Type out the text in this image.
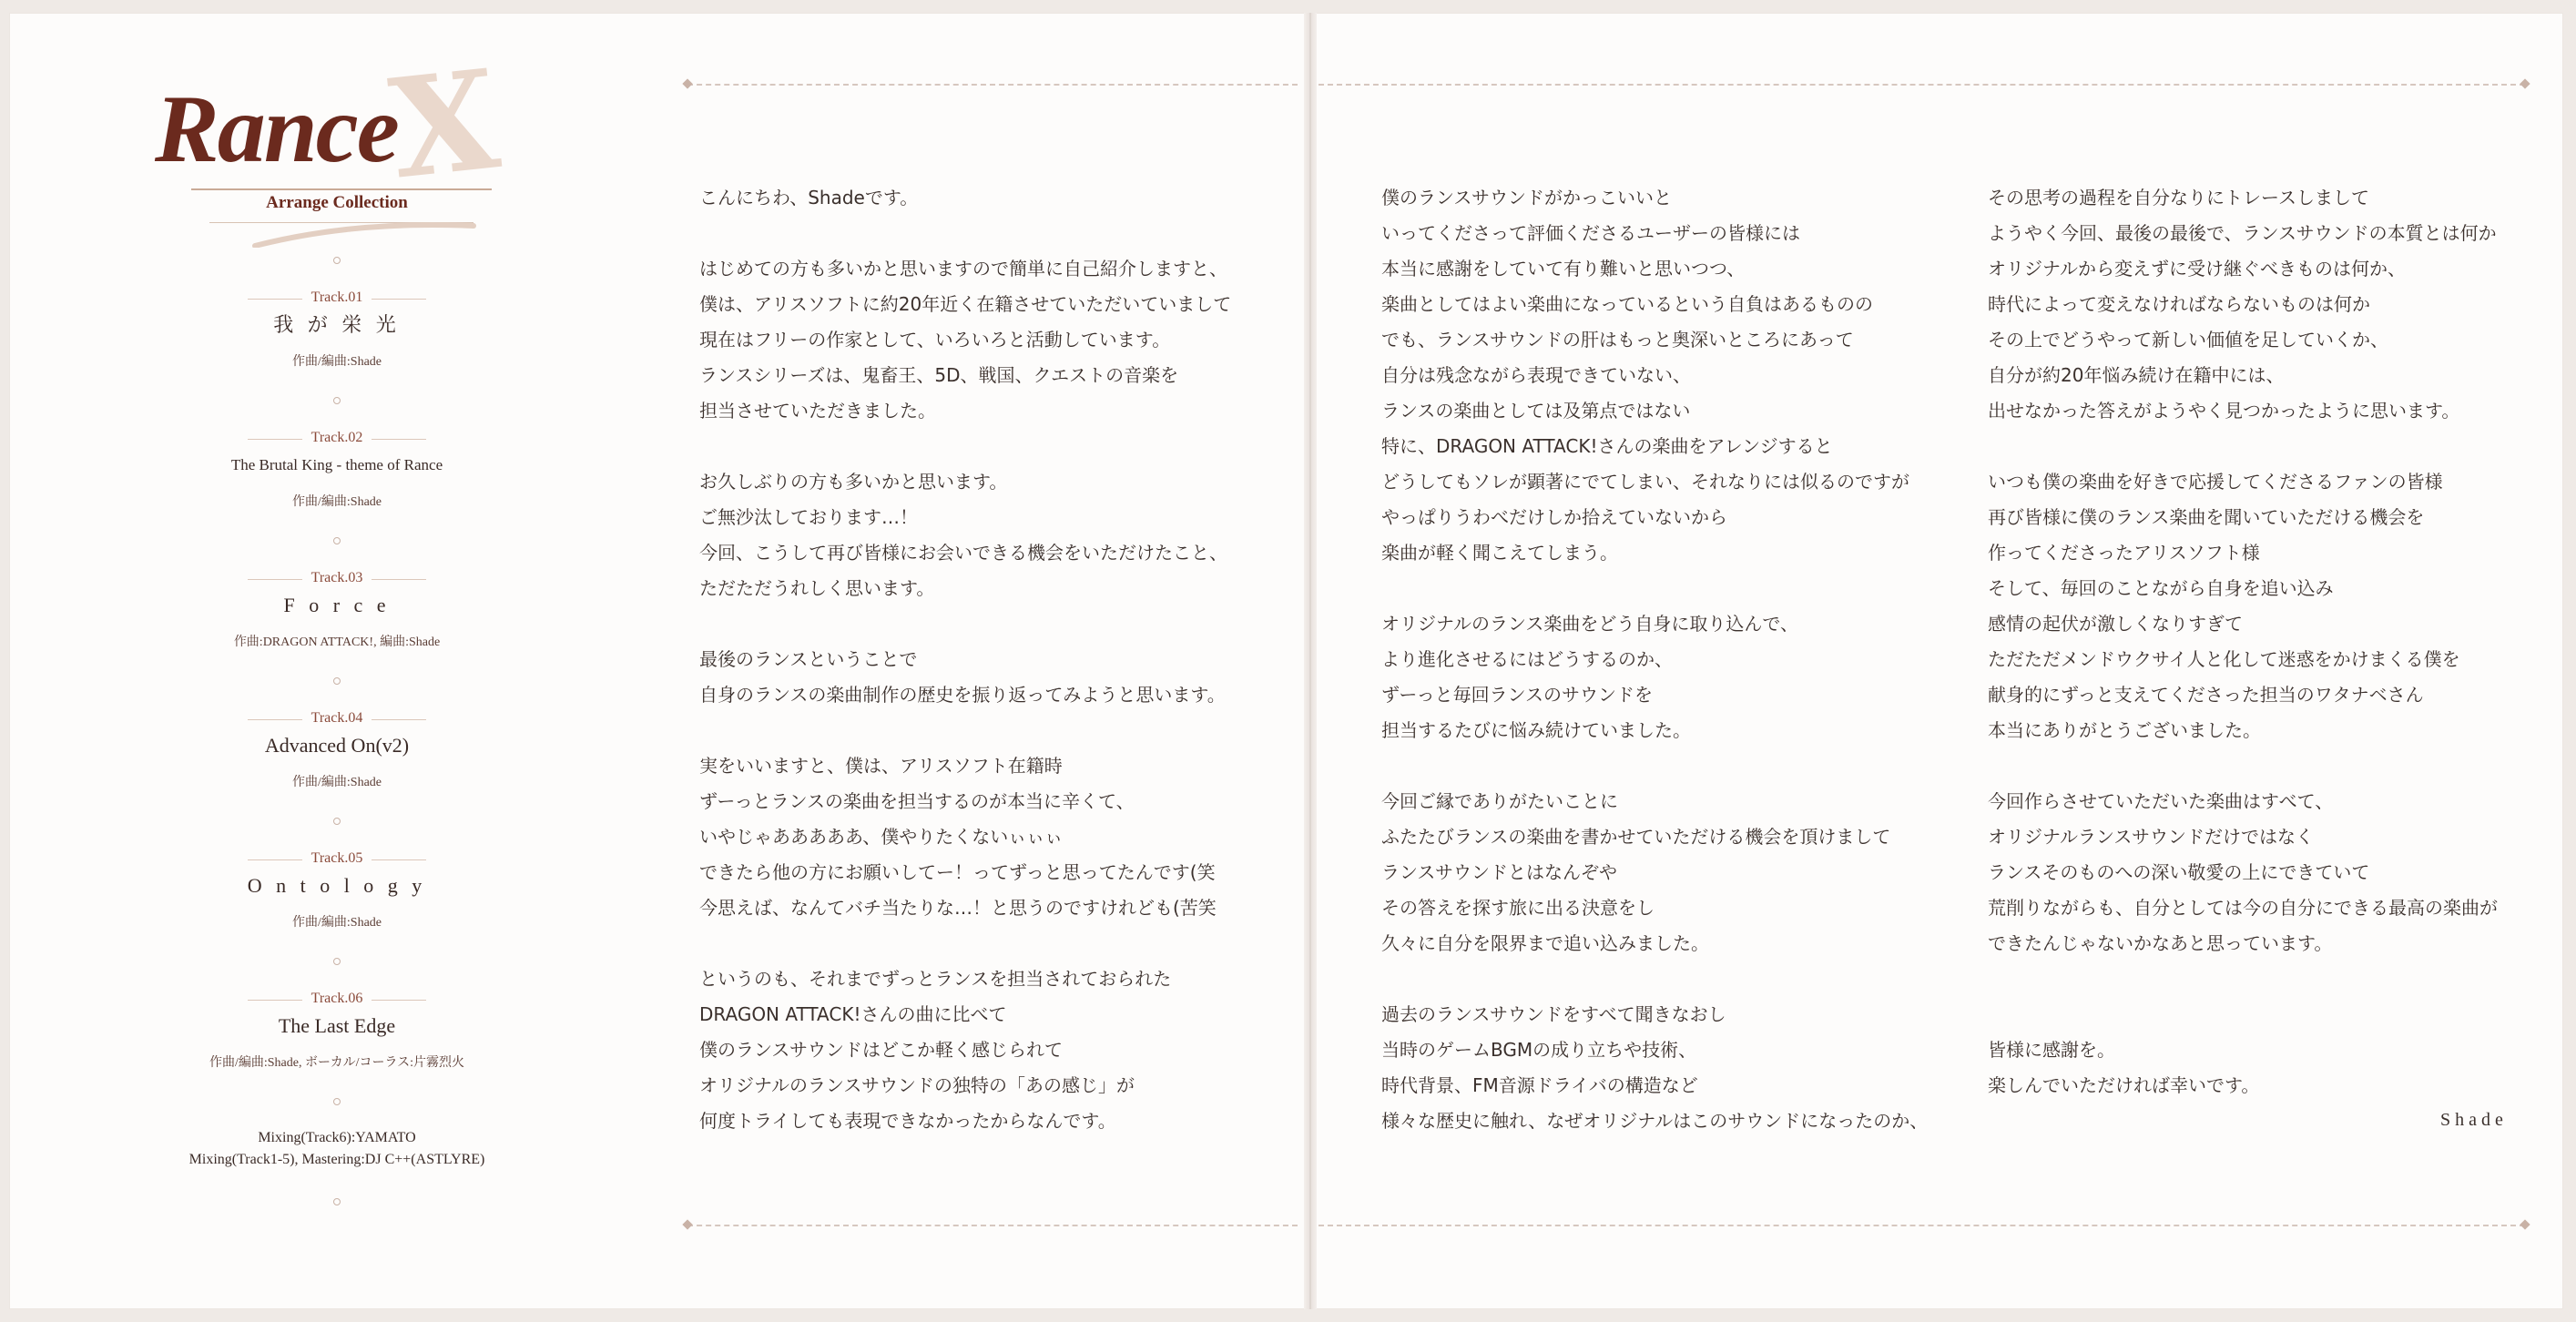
X
Rance
Arrange Collection
Track.01
我 が 栄 光
作曲/編曲:Shade
Track.02
The Brutal King - theme of Rance
作曲/編曲:Shade
Track.03
F o r c e
作曲:DRAGON ATTACK!, 編曲:Shade
Track.04
Advanced On(v2)
作曲/編曲:Shade
Track.05
O n t o l o g y
作曲/編曲:Shade
Track.06
The Last Edge
作曲/編曲:Shade, ボーカル/コーラス:片霧烈火
Mixing(Track6):YAMATO
Mixing(Track1-5), Mastering:DJ C++(ASTLYRE)

こんにちわ、Shadeです。

はじめての方も多いかと思いますので簡単に自己紹介しますと、

僕は、アリスソフトに約20年近く在籍させていただいていまして

現在はフリーの作家として、いろいろと活動しています。

ランスシリーズは、鬼畜王、5D、戦国、クエストの音楽を

担当させていただきました。

お久しぶりの方も多いかと思います。

ご無沙汰しております…！

今回、こうして再び皆様にお会いできる機会をいただけたこと、

ただただうれしく思います。

最後のランスということで

自身のランスの楽曲制作の歴史を振り返ってみようと思います。

実をいいますと、僕は、アリスソフト在籍時

ずーっとランスの楽曲を担当するのが本当に辛くて、

いやじゃあああああ、僕やりたくないぃぃぃ

できたら他の方にお願いしてー！ってずっと思ってたんです(笑

今思えば、なんてバチ当たりな…！と思うのですけれども(苦笑

というのも、それまでずっとランスを担当されておられた

DRAGON ATTACK!さんの曲に比べて

僕のランスサウンドはどこか軽く感じられて

オリジナルのランスサウンドの独特の「あの感じ」が

何度トライしても表現できなかったからなんです。

僕のランスサウンドがかっこいいと

いってくださって評価くださるユーザーの皆様には

本当に感謝をしていて有り難いと思いつつ、

楽曲としてはよい楽曲になっているという自負はあるものの

でも、ランスサウンドの肝はもっと奥深いところにあって

自分は残念ながら表現できていない、

ランスの楽曲としては及第点ではない

特に、DRAGON ATTACK!さんの楽曲をアレンジすると

どうしてもソレが顕著にでてしまい、それなりには似るのですが

やっぱりうわべだけしか拾えていないから

楽曲が軽く聞こえてしまう。

オリジナルのランス楽曲をどう自身に取り込んで、

より進化させるにはどうするのか、

ずーっと毎回ランスのサウンドを

担当するたびに悩み続けていました。

今回ご縁でありがたいことに

ふたたびランスの楽曲を書かせていただける機会を頂けまして

ランスサウンドとはなんぞや

その答えを探す旅に出る決意をし

久々に自分を限界まで追い込みました。

過去のランスサウンドをすべて聞きなおし

当時のゲームBGMの成り立ちや技術、

時代背景、FM音源ドライバの構造など

様々な歴史に触れ、なぜオリジナルはこのサウンドになったのか、

その思考の過程を自分なりにトレースしまして

ようやく今回、最後の最後で、ランスサウンドの本質とは何か

オリジナルから変えずに受け継ぐべきものは何か、

時代によって変えなければならないものは何か

その上でどうやって新しい価値を足していくか、

自分が約20年悩み続け在籍中には、

出せなかった答えがようやく見つかったように思います。

いつも僕の楽曲を好きで応援してくださるファンの皆様

再び皆様に僕のランス楽曲を聞いていただける機会を

作ってくださったアリスソフト様

そして、毎回のことながら自身を追い込み

感情の起伏が激しくなりすぎて

ただただメンドウクサイ人と化して迷惑をかけまくる僕を

献身的にずっと支えてくださった担当のワタナベさん

本当にありがとうございました。

今回作らさせていただいた楽曲はすべて、

オリジナルランスサウンドだけではなく

ランスそのものへの深い敬愛の上にできていて

荒削りながらも、自分としては今の自分にできる最高の楽曲が

できたんじゃないかなあと思っています。

皆様に感謝を。

楽しんでいただければ幸いです。

Shade
